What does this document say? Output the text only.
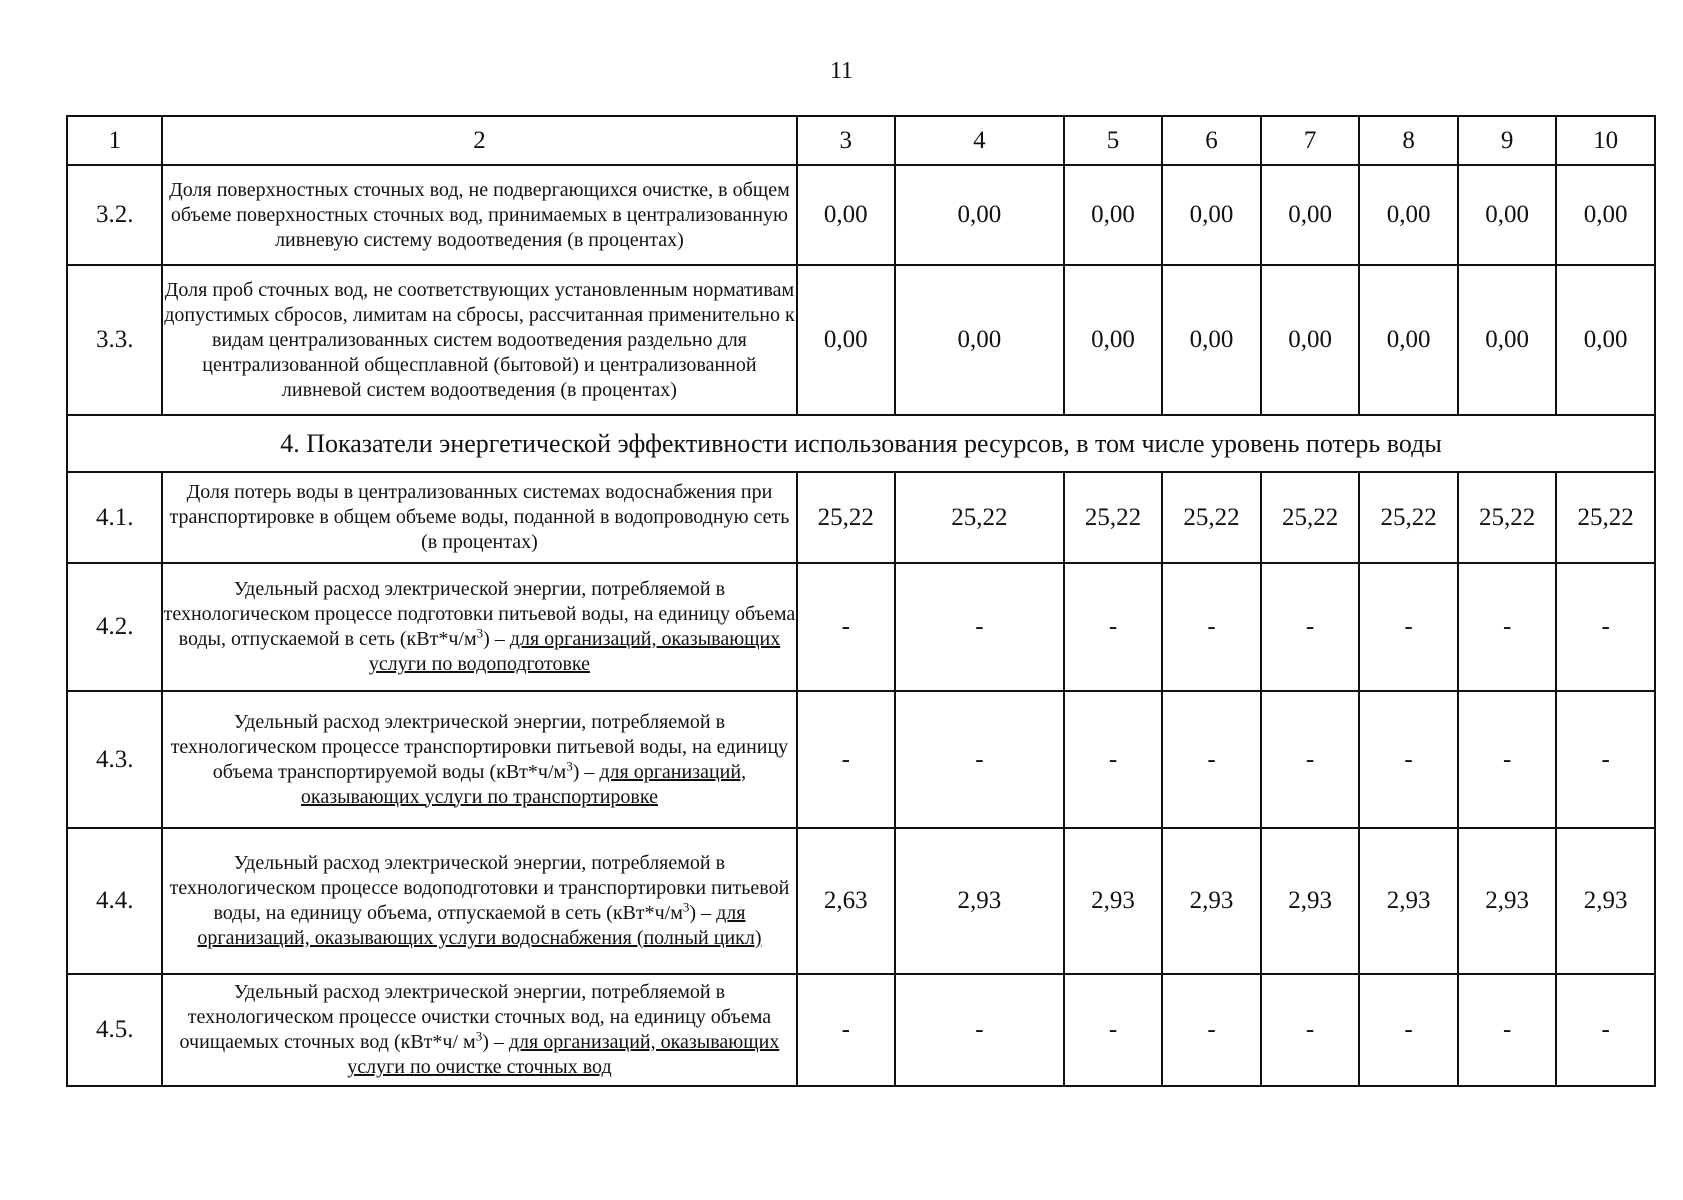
11
1	2	3	4	5	6	7	8	9	10
3.2.	Доля поверхностных сточных вод, не подвергающихся очистке, в общем объеме поверхностных сточных вод, принимаемых в централизованную ливневую систему водоотведения (в процентах)	0,00	0,00	0,00	0,00	0,00	0,00	0,00	0,00
3.3.	Доля проб сточных вод, не соответствующих установленным нормативам допустимых сбросов, лимитам на сбросы, рассчитанная применительно к видам централизованных систем водоотведения раздельно для централизованной общесплавной (бытовой) и централизованной ливневой систем водоотведения (в процентах)	0,00	0,00	0,00	0,00	0,00	0,00	0,00	0,00
4. Показатели энергетической эффективности использования ресурсов, в том числе уровень потерь воды									
4.1.	Доля потерь воды в централизованных системах водоснабжения при транспортировке в общем объеме воды, поданной в водопроводную сеть (в процентах)	25,22	25,22	25,22	25,22	25,22	25,22	25,22	25,22
4.2.	Удельный расход электрической энергии, потребляемой в технологическом процессе подготовки питьевой воды, на единицу объема воды, отпускаемой в сеть $(кВт*ч/м^3)$ – для организаций, оказывающих услуги по водоподготовке	-	-	-	-	-	-	-	-
4.3.	Удельный расход электрической энергии, потребляемой в технологическом процессе транспортировки питьевой воды, на единицу объема транспортируемой воды $(кВт*ч/м^3)$ – для организаций, оказывающих услуги по транспортировке	-	-	-	-	-	-	-	-
4.4.	Удельный расход электрической энергии, потребляемой в технологическом процессе водоподготовки и транспортировки питьевой воды, на единицу объема, отпускаемой в сеть $(кВт*ч/м^3)$ – для организаций, оказывающих услуги водоснабжения (полный цикл)	2,63	2,93	2,93	2,93	2,93	2,93	2,93	2,93
4.5.	Удельный расход электрической энергии, потребляемой в технологическом процессе очистки сточных вод, на единицу объема очищаемых сточных вод (кВт*ч/ $м^3$) – для организаций, оказывающих услуги по очистке сточных вод	-	-	-	-	-	-	-	-
